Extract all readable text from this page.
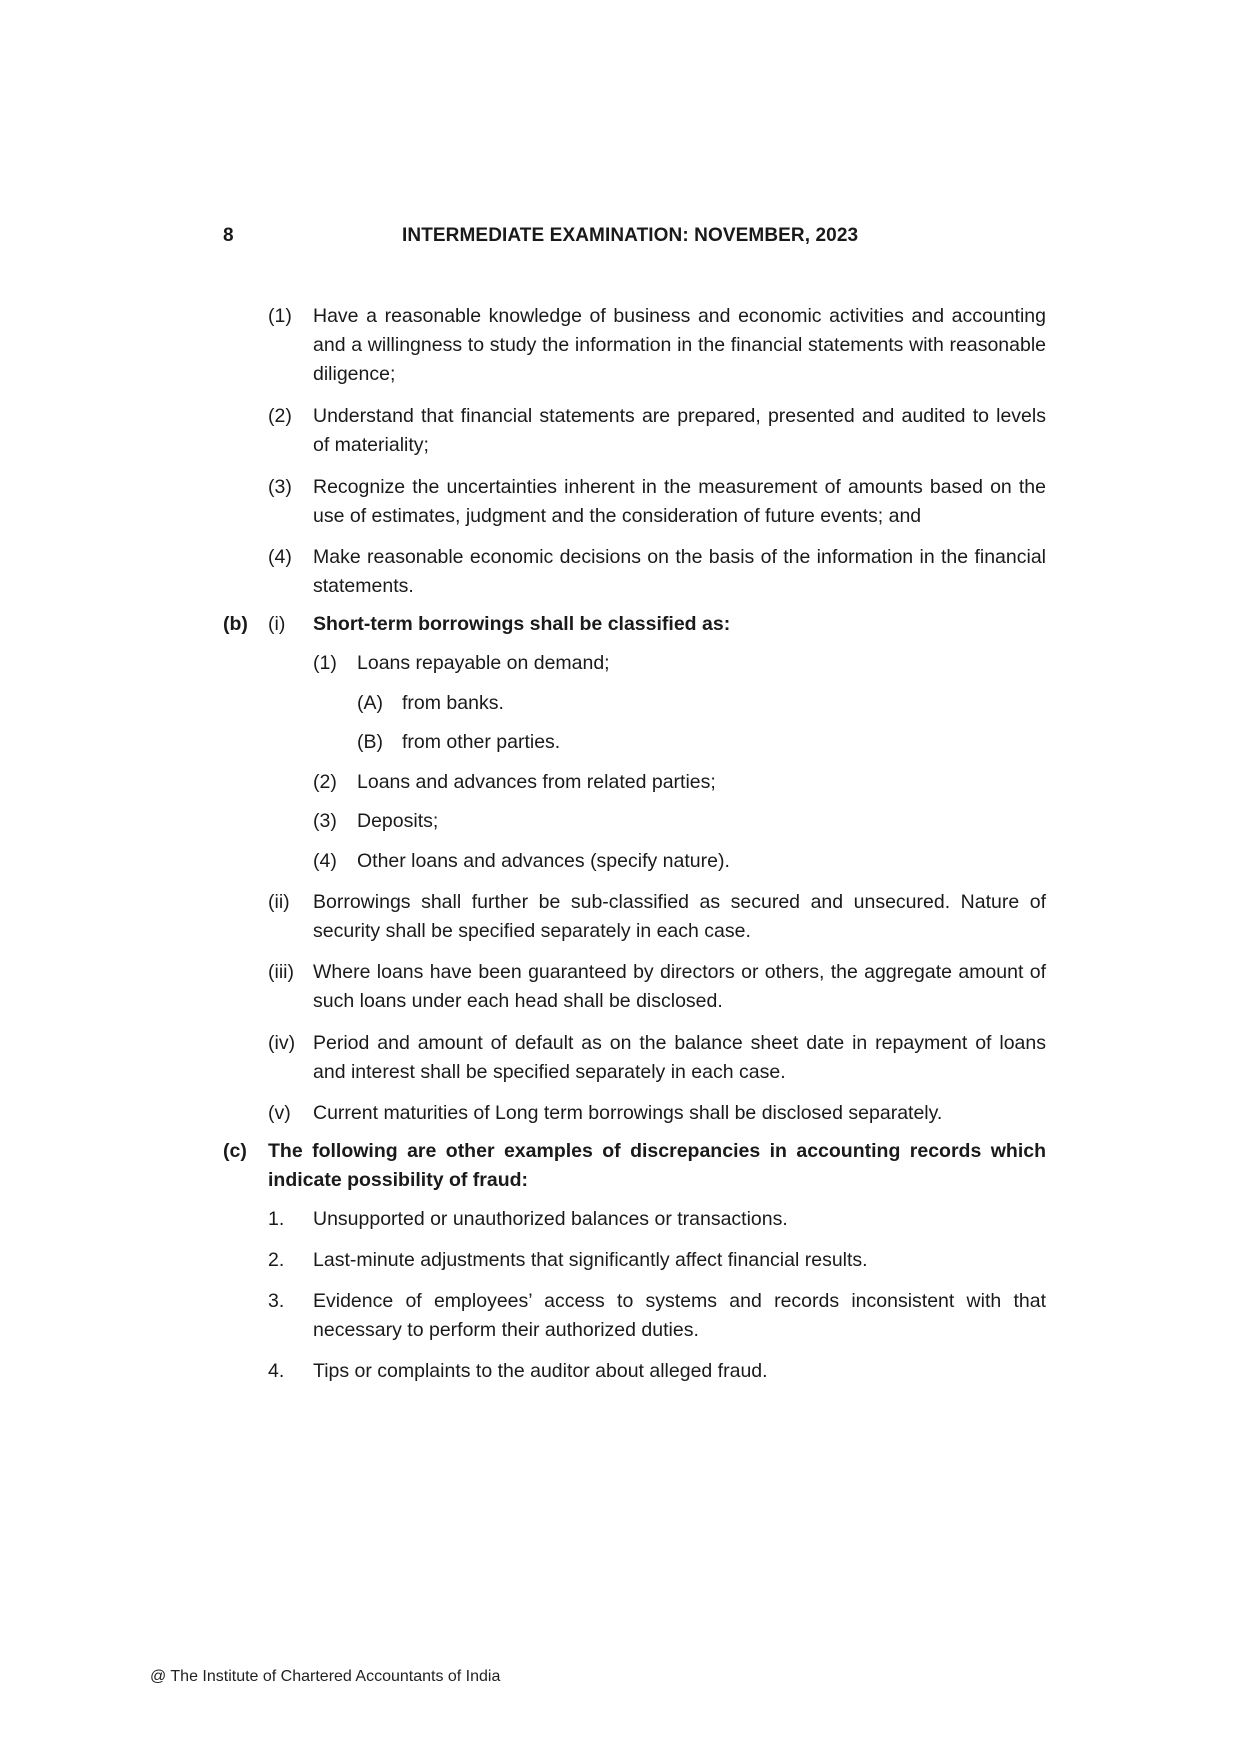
8	INTERMEDIATE EXAMINATION: NOVEMBER, 2023
(1) Have a reasonable knowledge of business and economic activities and accounting and a willingness to study the information in the financial statements with reasonable diligence;
(2) Understand that financial statements are prepared, presented and audited to levels of materiality;
(3) Recognize the uncertainties inherent in the measurement of amounts based on the use of estimates, judgment and the consideration of future events; and
(4) Make reasonable economic decisions on the basis of the information in the financial statements.
(b) (i) Short-term borrowings shall be classified as:
(1) Loans repayable on demand;
(A) from banks.
(B) from other parties.
(2) Loans and advances from related parties;
(3) Deposits;
(4) Other loans and advances (specify nature).
(ii) Borrowings shall further be sub-classified as secured and unsecured. Nature of security shall be specified separately in each case.
(iii) Where loans have been guaranteed by directors or others, the aggregate amount of such loans under each head shall be disclosed.
(iv) Period and amount of default as on the balance sheet date in repayment of loans and interest shall be specified separately in each case.
(v) Current maturities of Long term borrowings shall be disclosed separately.
(c) The following are other examples of discrepancies in accounting records which indicate possibility of fraud:
1. Unsupported or unauthorized balances or transactions.
2. Last-minute adjustments that significantly affect financial results.
3. Evidence of employees’ access to systems and records inconsistent with that necessary to perform their authorized duties.
4. Tips or complaints to the auditor about alleged fraud.
@ The Institute of Chartered Accountants of India
